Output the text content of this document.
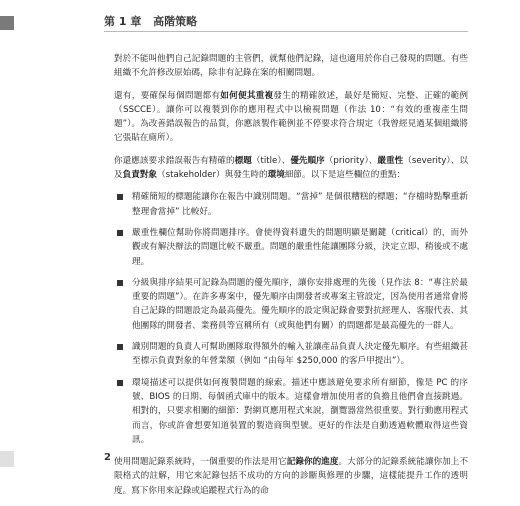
第 1 章 高階策略

對於不能叫他們自己記錄問題的主管們，就幫他們記錄，這也適用於你自己發現的問題。有些組織不允許修改原始碼，除非有記錄在案的相關問題。

還有，要確保每個問題都有如何便其重複發生的精確敘述，最好是簡短、完整、正確的範例（SSCCE）。讓你可以複製到你的應用程式中以檢視問題（作法 10：“有效的重複產生問題”）。為改善錯誤報告的品質，你應該製作範例並不停要求符合規定（我曾經見過某個組織將它張貼在廁所）。

你還應該要求錯誤報告有精確的標題（title）、優先順序（priority）、嚴重性（severity）、以及負責對象（stakeholder）與發生時的環境細節。以下是這些欄位的重點：

精確簡短的標題能讓你在報告中識別問題。“當掉” 是個很糟糕的標題；“存檔時點擊重新整理會當掉” 比較好。
嚴重性欄位幫助你將問題排序。會使得資料遺失的問題明顯是關鍵（critical）的，而外觀或有解決辦法的問題比較不嚴重。問題的嚴重性能讓團隊分級，決定立即、稍後或不處理。
分級與排序結果可記錄為問題的優先順序，讓你安排處理的先後（見作法 8：“專注於最重要的問題”）。在許多專案中，優先順序由開發者或專案主管設定，因為使用者通常會將自己記錄的問題設定為最高優先。優先順序的設定與記錄會要對抗經理人、客服代表、其他團隊的開發者、業務員等宣稱所有（或與他們有關）的問題都是最高優先的一群人。
識別問題的負責人可幫助團隊取得額外的輸入並讓產品負責人決定優先順序。有些組織甚至標示負責對象的年營業額（例如 “由每年 $250,000 的客戶甲提出”）。
環境描述可以提供如何複製問題的線索。描述中應該避免要求所有細節，像是 PC 的序號、BIOS 的日期、每個函式庫中的版本。這樣會增加使用者的負擔且他們會直接跳過。相對的，只要求相關的細節：對網頁應用程式來說，瀏覽器當然很重要。對行動應用程式而言，你或許會想要知道裝置的製造商與型號。更好的作法是自動透過軟體取得這些資訊。

使用問題記錄系統時，一個重要的作法是用它記錄你的進度。大部分的記錄系統能讓你加上不限格式的註解，用它來記錄包括不成功的方向的診斷與修理的步驟，這樣能提升工作的透明度。寫下你用來記錄或追蹤程式行為的命

2
